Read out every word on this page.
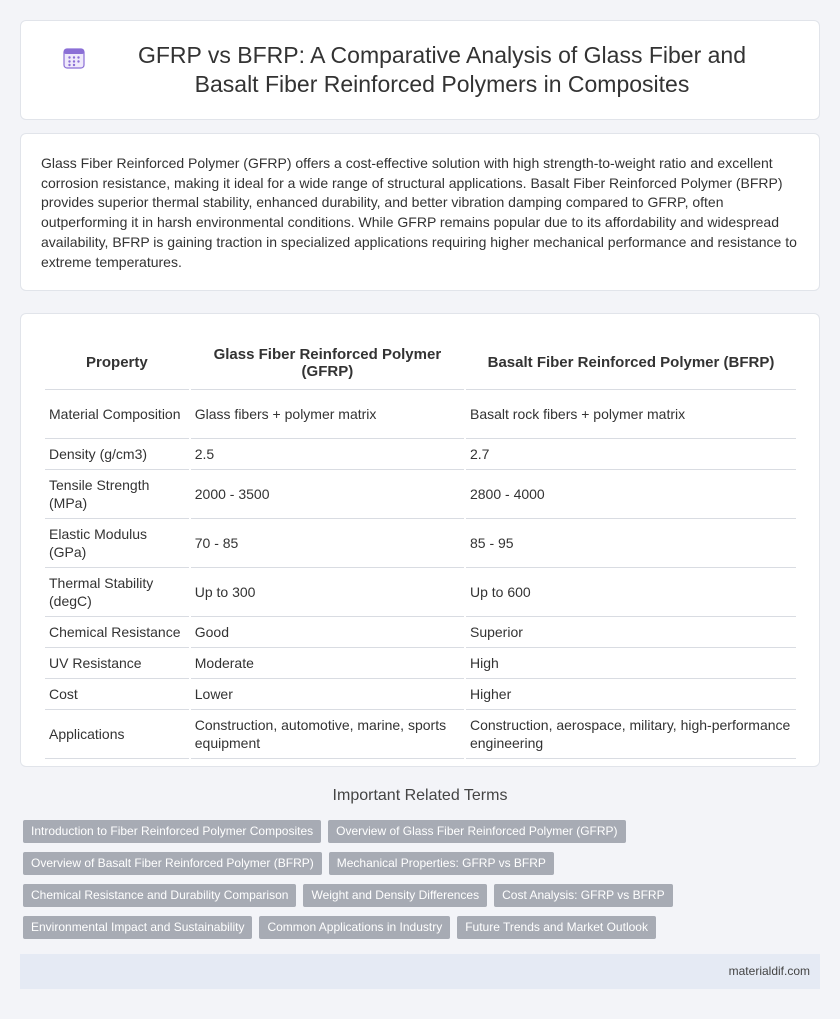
GFRP vs BFRP: A Comparative Analysis of Glass Fiber and Basalt Fiber Reinforced Polymers in Composites

Glass Fiber Reinforced Polymer (GFRP) offers a cost-effective solution with high strength-to-weight ratio and excellent corrosion resistance, making it ideal for a wide range of structural applications. Basalt Fiber Reinforced Polymer (BFRP) provides superior thermal stability, enhanced durability, and better vibration damping compared to GFRP, often outperforming it in harsh environmental conditions. While GFRP remains popular due to its affordability and widespread availability, BFRP is gaining traction in specialized applications requiring higher mechanical performance and resistance to extreme temperatures.

Property	Glass Fiber Reinforced Polymer (GFRP)	Basalt Fiber Reinforced Polymer (BFRP)
Material Composition	Glass fibers + polymer matrix	Basalt rock fibers + polymer matrix
Density (g/cm3)	2.5	2.7
Tensile Strength (MPa)	2000 - 3500	2800 - 4000
Elastic Modulus (GPa)	70 - 85	85 - 95
Thermal Stability (degC)	Up to 300	Up to 600
Chemical Resistance	Good	Superior
UV Resistance	Moderate	High
Cost	Lower	Higher
Applications	Construction, automotive, marine, sports equipment	Construction, aerospace, military, high-performance engineering
Important Related Terms
Introduction to Fiber Reinforced Polymer Composites	Overview of Glass Fiber Reinforced Polymer (GFRP)
Overview of Basalt Fiber Reinforced Polymer (BFRP)	Mechanical Properties: GFRP vs BFRP
Chemical Resistance and Durability Comparison	Weight and Density Differences	Cost Analysis: GFRP vs BFRP
Environmental Impact and Sustainability	Common Applications in Industry	Future Trends and Market Outlook
materialdif.com
